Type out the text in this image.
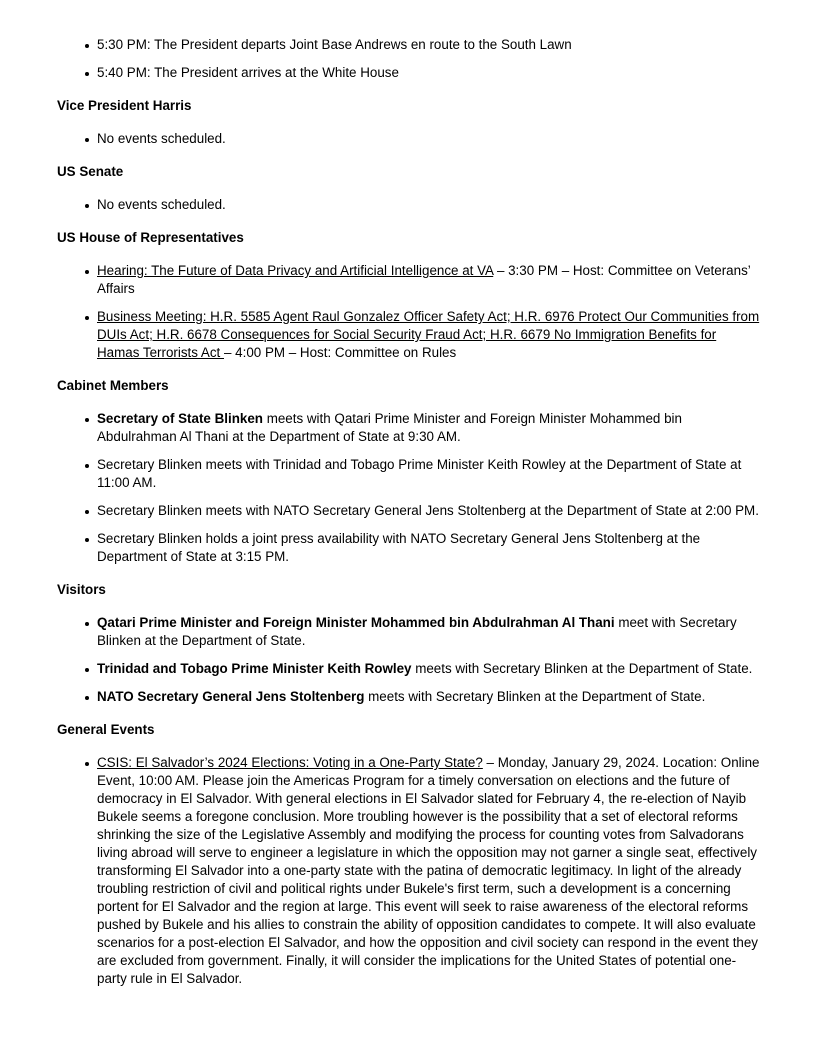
5:30 PM: The President departs Joint Base Andrews en route to the South Lawn
5:40 PM: The President arrives at the White House
Vice President Harris
No events scheduled.
US Senate
No events scheduled.
US House of Representatives
Hearing: The Future of Data Privacy and Artificial Intelligence at VA – 3:30 PM – Host: Committee on Veterans’ Affairs
Business Meeting: H.R. 5585 Agent Raul Gonzalez Officer Safety Act; H.R. 6976 Protect Our Communities from DUIs Act; H.R. 6678 Consequences for Social Security Fraud Act; H.R. 6679 No Immigration Benefits for Hamas Terrorists Act – 4:00 PM – Host: Committee on Rules
Cabinet Members
Secretary of State Blinken meets with Qatari Prime Minister and Foreign Minister Mohammed bin Abdulrahman Al Thani at the Department of State at 9:30 AM.
Secretary Blinken meets with Trinidad and Tobago Prime Minister Keith Rowley at the Department of State at 11:00 AM.
Secretary Blinken meets with NATO Secretary General Jens Stoltenberg at the Department of State at 2:00 PM.
Secretary Blinken holds a joint press availability with NATO Secretary General Jens Stoltenberg at the Department of State at 3:15 PM.
Visitors
Qatari Prime Minister and Foreign Minister Mohammed bin Abdulrahman Al Thani meet with Secretary Blinken at the Department of State.
Trinidad and Tobago Prime Minister Keith Rowley meets with Secretary Blinken at the Department of State.
NATO Secretary General Jens Stoltenberg meets with Secretary Blinken at the Department of State.
General Events
CSIS: El Salvador’s 2024 Elections: Voting in a One-Party State? – Monday, January 29, 2024. Location: Online Event, 10:00 AM. Please join the Americas Program for a timely conversation on elections and the future of democracy in El Salvador. With general elections in El Salvador slated for February 4, the re-election of Nayib Bukele seems a foregone conclusion. More troubling however is the possibility that a set of electoral reforms shrinking the size of the Legislative Assembly and modifying the process for counting votes from Salvadorans living abroad will serve to engineer a legislature in which the opposition may not garner a single seat, effectively transforming El Salvador into a one-party state with the patina of democratic legitimacy. In light of the already troubling restriction of civil and political rights under Bukele's first term, such a development is a concerning portent for El Salvador and the region at large. This event will seek to raise awareness of the electoral reforms pushed by Bukele and his allies to constrain the ability of opposition candidates to compete. It will also evaluate scenarios for a post-election El Salvador, and how the opposition and civil society can respond in the event they are excluded from government. Finally, it will consider the implications for the United States of potential one-party rule in El Salvador.
